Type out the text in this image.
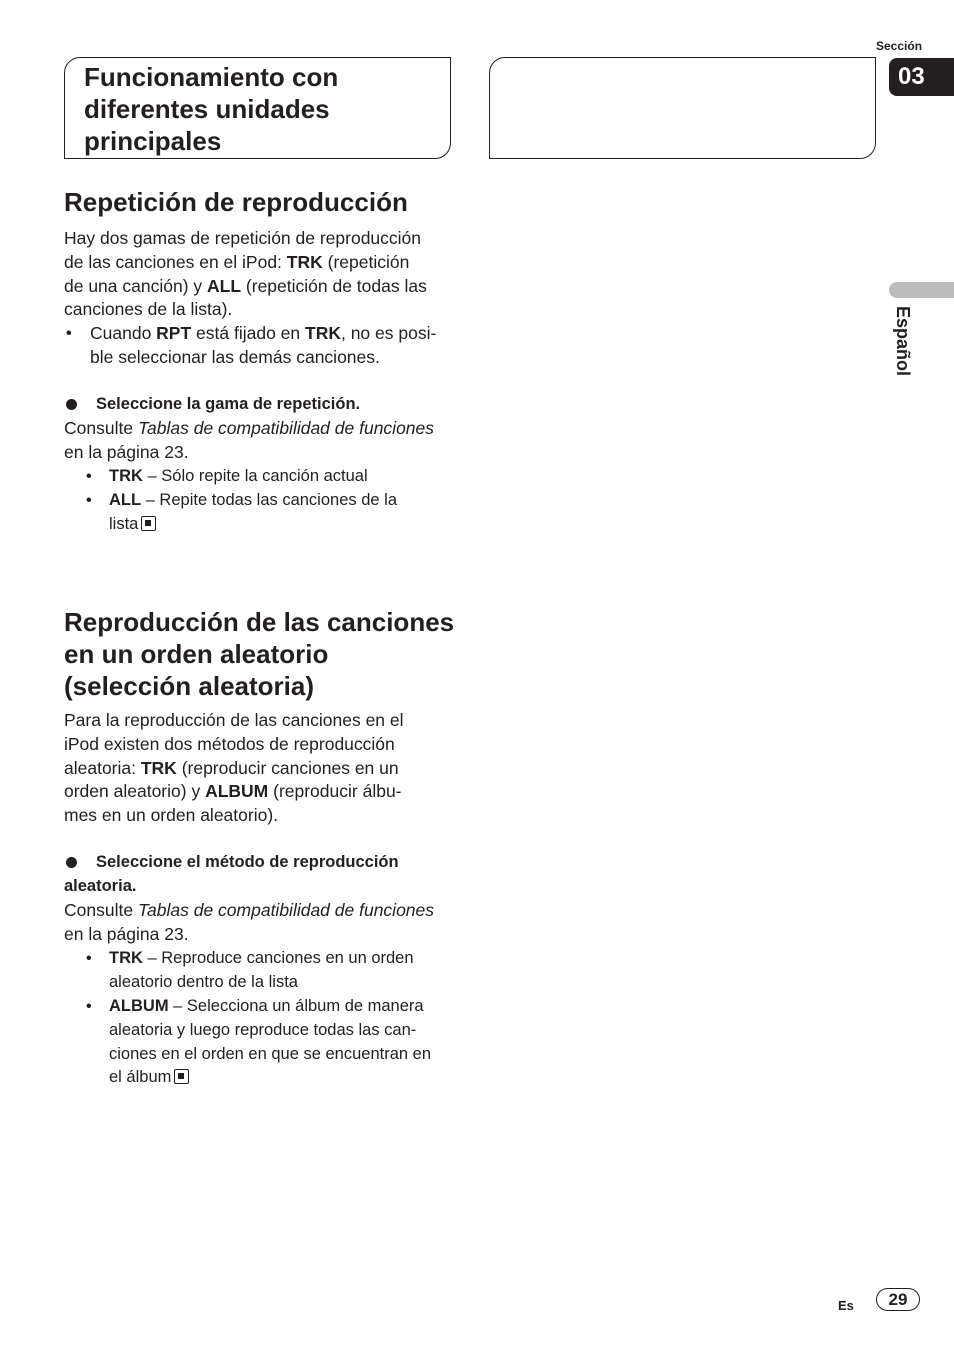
Funcionamiento con
diferentes unidades
principales
Sección
03
Español
Repetición de reproducción
Hay dos gamas de repetición de reproducción
de las canciones en el iPod: TRK (repetición
de una canción) y ALL (repetición de todas las
canciones de la lista).
• Cuando RPT está fijado en TRK, no es posi-
ble seleccionar las demás canciones.
Seleccione la gama de repetición.
Consulte Tablas de compatibilidad de funciones
en la página 23.
• TRK – Sólo repite la canción actual
• ALL – Repite todas las canciones de la
lista
Reproducción de las canciones
en un orden aleatorio
(selección aleatoria)
Para la reproducción de las canciones en el
iPod existen dos métodos de reproducción
aleatoria: TRK (reproducir canciones en un
orden aleatorio) y ALBUM (reproducir álbu-
mes en un orden aleatorio).
Seleccione el método de reproducción
aleatoria.
Consulte Tablas de compatibilidad de funciones
en la página 23.
• TRK – Reproduce canciones en un orden
aleatorio dentro de la lista
• ALBUM – Selecciona un álbum de manera
aleatoria y luego reproduce todas las can-
ciones en el orden en que se encuentran en
el álbum
Es	29
